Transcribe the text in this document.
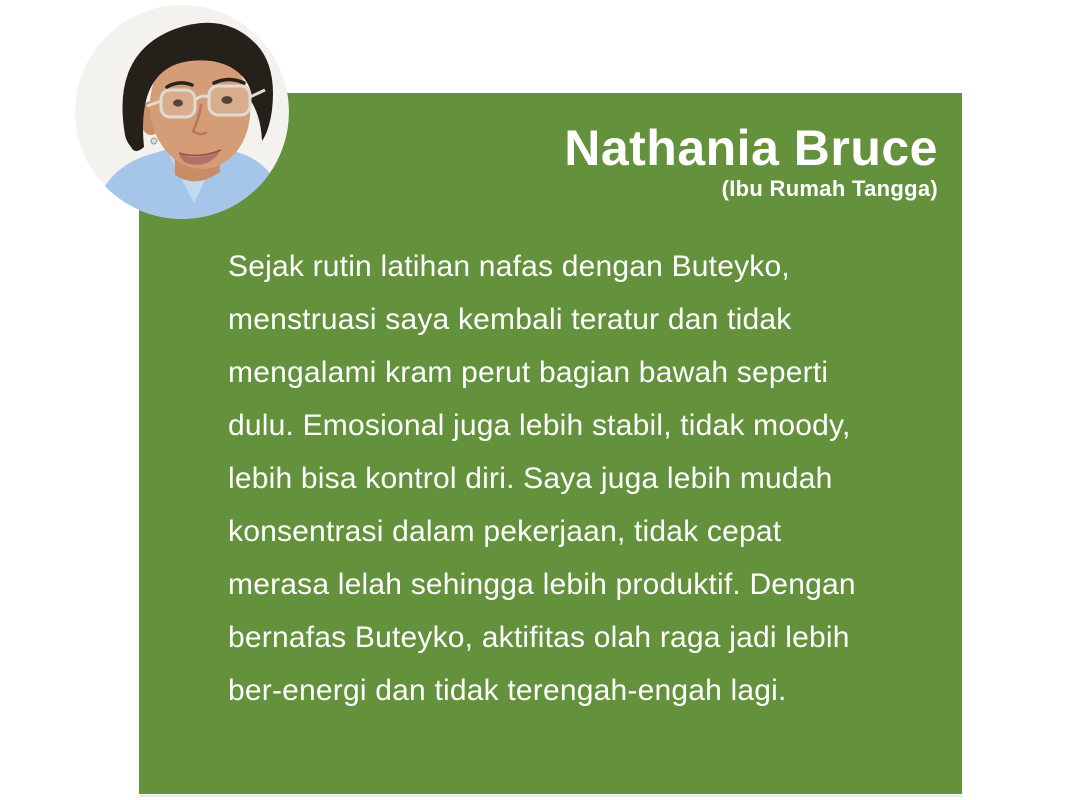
Nathania Bruce
(Ibu Rumah Tangga)
Sejak rutin latihan nafas dengan Buteyko,
menstruasi saya kembali teratur dan tidak
mengalami kram perut bagian bawah seperti
dulu. Emosional juga lebih stabil, tidak moody,
lebih bisa kontrol diri. Saya juga lebih mudah
konsentrasi dalam pekerjaan, tidak cepat
merasa lelah sehingga lebih produktif. Dengan
bernafas Buteyko, aktifitas olah raga jadi lebih
ber-energi dan tidak terengah-engah lagi.
